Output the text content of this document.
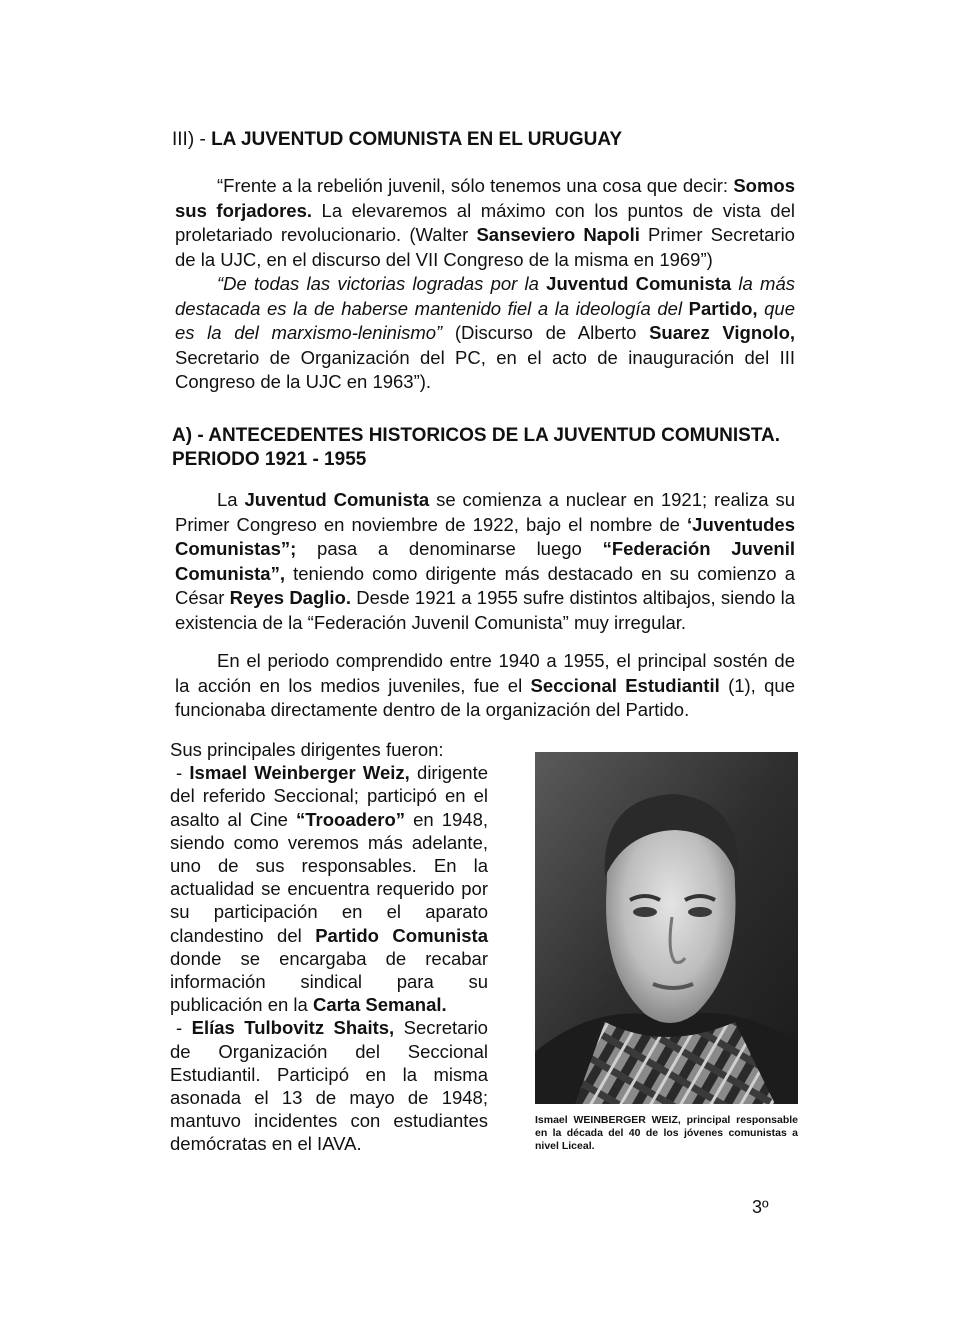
III) - LA JUVENTUD COMUNISTA EN EL URUGUAY

“Frente a la rebelión juvenil, sólo tenemos una cosa que decir: Somos sus forjadores. La elevaremos al máximo con los puntos de vista del proletariado revolucionario. (Walter Sanseviero Napoli Primer Secretario de la UJC, en el discurso del VII Congreso de la misma en 1969”)

“De todas las victorias logradas por la Juventud Comunista la más destacada es la de haberse mantenido fiel a la ideología del Partido, que es la del marxismo-leninismo” (Discurso de Alberto Suarez Vignolo, Secretario de Organización del PC, en el acto de inauguración del III Congreso de la UJC en 1963”).

A) - ANTECEDENTES HISTORICOS DE LA JUVENTUD COMUNISTA. PERIODO 1921 - 1955

La Juventud Comunista se comienza a nuclear en 1921; realiza su Primer Congreso en noviembre de 1922, bajo el nombre de ‘Juventudes Comunistas”; pasa a denominarse luego “Federación Juvenil Comunista”, teniendo como dirigente más destacado en su comienzo a César Reyes Daglio. Desde 1921 a 1955 sufre distintos altibajos, siendo la existencia de la “Federación Juvenil Comunista” muy irregular.

En el periodo comprendido entre 1940 a 1955, el principal sostén de la acción en los medios juveniles, fue el Seccional Estudiantil (1), que funcionaba directamente dentro de la organización del Partido.

Sus principales dirigentes fueron:

- Ismael Weinberger Weiz, dirigente del referido Seccional; participó en el asalto al Cine “Trooadero” en 1948, siendo como veremos más adelante, uno de sus responsables. En la actualidad se encuentra requerido por su participación en el aparato clandestino del Partido Comunista donde se encargaba de recabar información sindical para su publicación en la Carta Semanal.

- Elías Tulbovitz Shaits, Secretario de Organización del Seccional Estudiantil. Participó en la misma asonada el 13 de mayo de 1948; mantuvo incidentes con estudiantes demócratas en el IAVA.

Ismael WEINBERGER WEIZ, principal responsable en la década del 40 de los jóvenes comunistas a nivel Liceal.

3º
